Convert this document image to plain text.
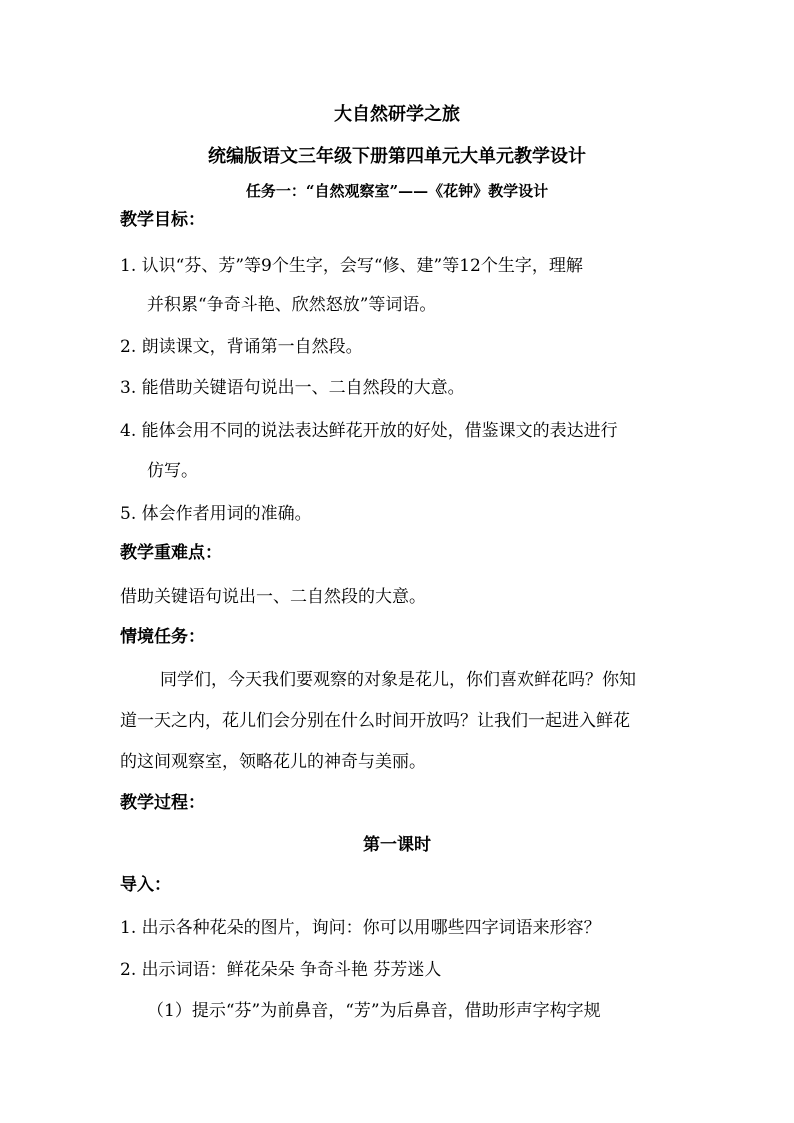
大自然研学之旅
统编版语文三年级下册第四单元大单元教学设计
任务一：“自然观察室”——《花钟》教学设计
教学目标：
1. 认识“芬、芳”等9个生字，会写“修、建”等12个生字，理解
并积累“争奇斗艳、欣然怒放”等词语。
2. 朗读课文，背诵第一自然段。
3. 能借助关键语句说出一、二自然段的大意。
4. 能体会用不同的说法表达鲜花开放的好处，借鉴课文的表达进行
仿写。
5. 体会作者用词的准确。
教学重难点：
借助关键语句说出一、二自然段的大意。
情境任务：
同学们，今天我们要观察的对象是花儿，你们喜欢鲜花吗？你知
道一天之内，花儿们会分别在什么时间开放吗？让我们一起进入鲜花
的这间观察室，领略花儿的神奇与美丽。
教学过程：
第一课时
导入：
1. 出示各种花朵的图片，询问：你可以用哪些四字词语来形容？
2. 出示词语：鲜花朵朵 争奇斗艳 芬芳迷人
（1）提示“芬”为前鼻音，“芳”为后鼻音，借助形声字构字规
